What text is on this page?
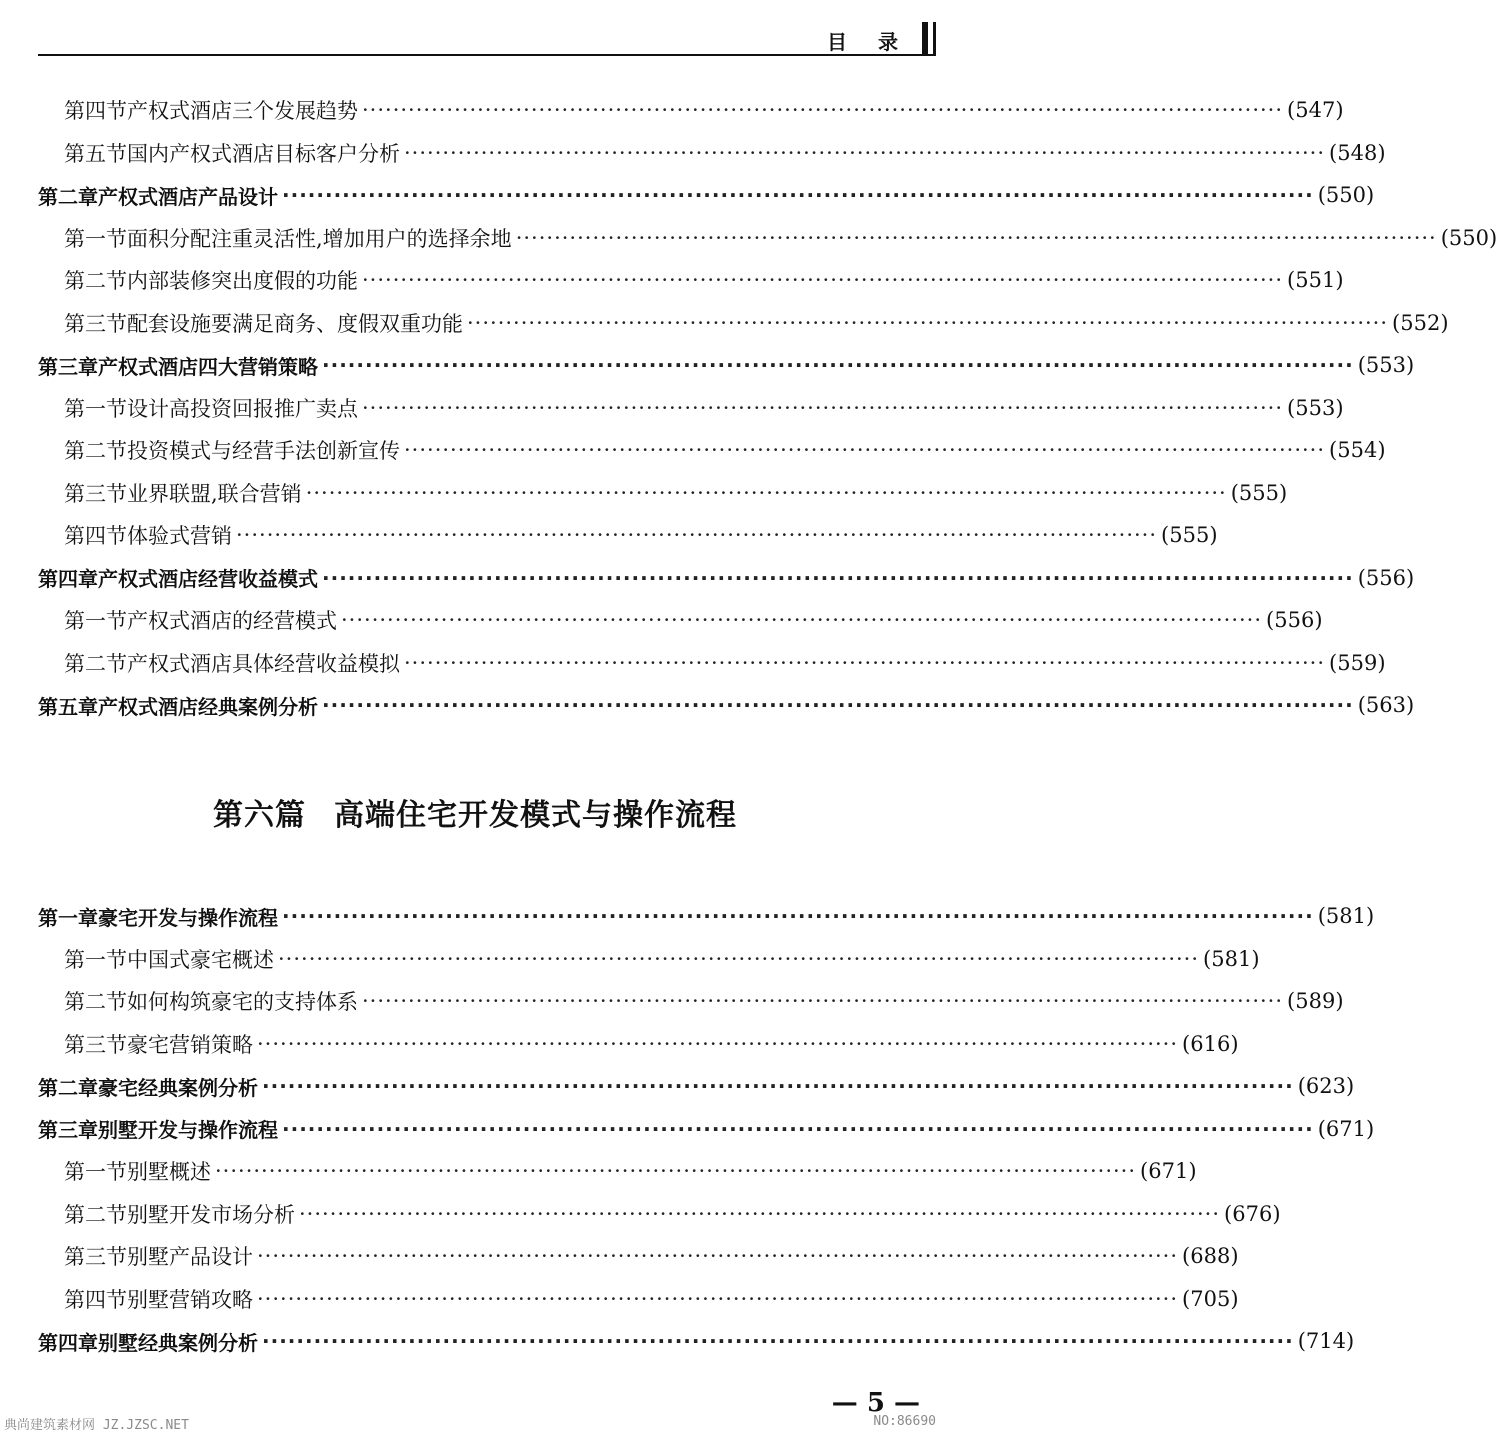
目 录
第四节 产权式酒店三个发展趋势 ························································································································ (547)
第五节 国内产权式酒店目标客户分析 ························································································································ (548)
第二章 产权式酒店产品设计 ························································································································ (550)
第一节 面积分配注重灵活性,增加用户的选择余地 ························································································································ (550)
第二节 内部装修突出度假的功能 ························································································································ (551)
第三节 配套设施要满足商务、度假双重功能 ························································································································ (552)
第三章 产权式酒店四大营销策略 ························································································································ (553)
第一节 设计高投资回报推广卖点 ························································································································ (553)
第二节 投资模式与经营手法创新宣传 ························································································································ (554)
第三节 业界联盟,联合营销 ························································································································ (555)
第四节 体验式营销 ························································································································ (555)
第四章 产权式酒店经营收益模式 ························································································································ (556)
第一节 产权式酒店的经营模式 ························································································································ (556)
第二节 产权式酒店具体经营收益模拟 ························································································································ (559)
第五章 产权式酒店经典案例分析 ························································································································ (563)
第一章 豪宅开发与操作流程 ························································································································ (581)
第一节 中国式豪宅概述 ························································································································ (581)
第二节 如何构筑豪宅的支持体系 ························································································································ (589)
第三节 豪宅营销策略 ························································································································ (616)
第二章 豪宅经典案例分析 ························································································································ (623)
第三章 别墅开发与操作流程 ························································································································ (671)
第一节 别墅概述 ························································································································ (671)
第二节 别墅开发市场分析 ························································································································ (676)
第三节 别墅产品设计 ························································································································ (688)
第四节 别墅营销攻略 ························································································································ (705)
第四章 别墅经典案例分析 ························································································································ (714)
第六篇 高端住宅开发模式与操作流程
— 5 —
典尚建筑素材网 JZ.JZSC.NET	NO:86690
